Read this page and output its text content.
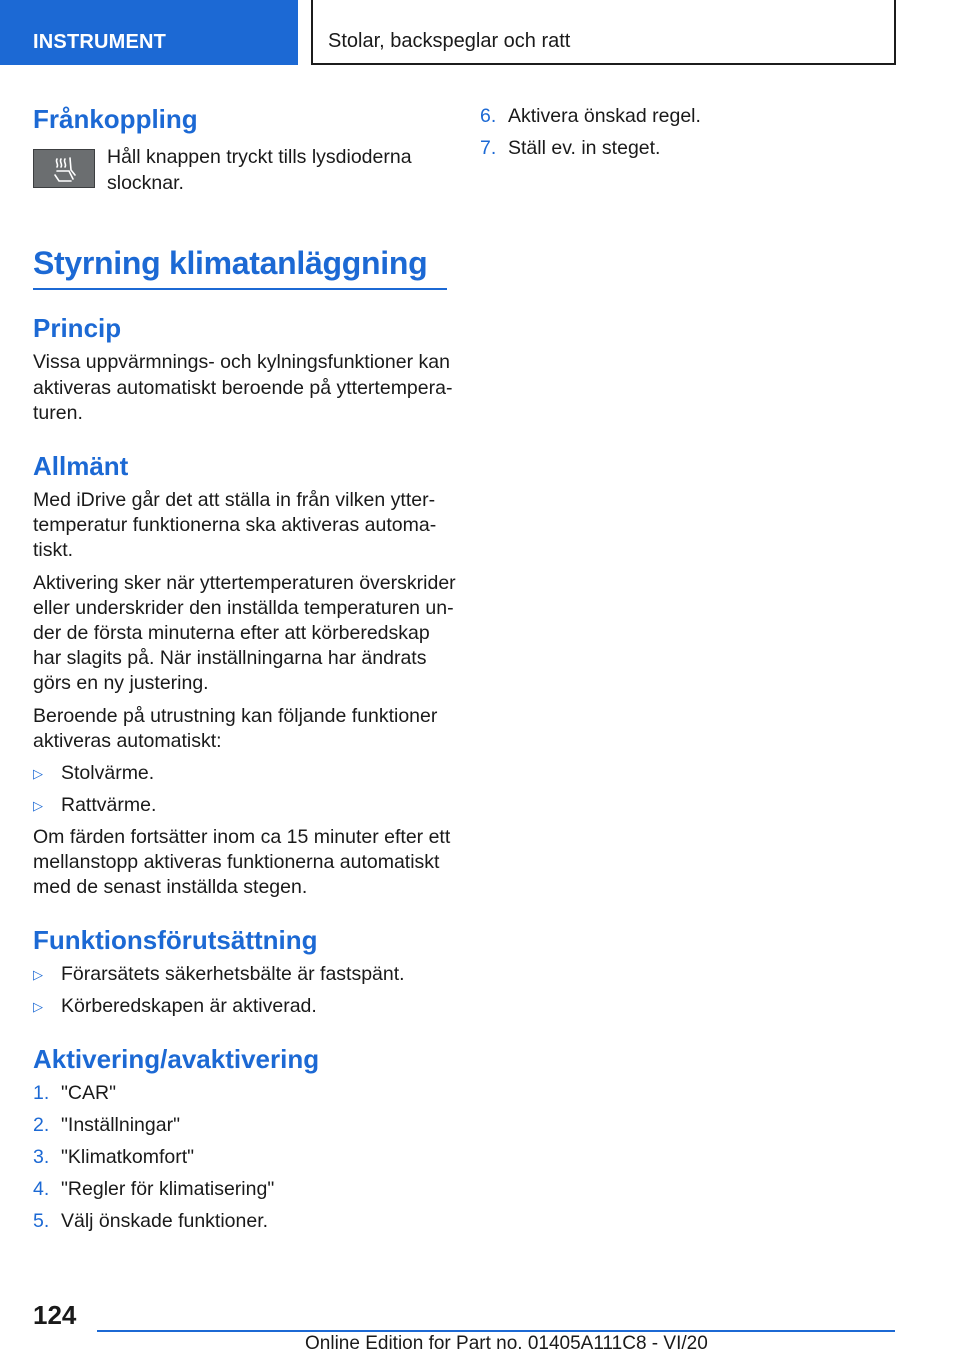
INSTRUMENT	Stolar, backspeglar och ratt
Frånkoppling

Håll knappen tryckt tills lysdioderna

slocknar.

Styrning klimatanläggning
Princip

Vissa uppvärmnings- och kylningsfunktioner kan

aktiveras automatiskt beroende på yttertempera-

turen.

Allmänt

Med iDrive går det att ställa in från vilken ytter-

temperatur funktionerna ska aktiveras automa-

tiskt.

Aktivering sker när yttertemperaturen överskrider

eller underskrider den inställda temperaturen un-

der de första minuterna efter att körberedskap

har slagits på. När inställningarna har ändrats

görs en ny justering.

Beroende på utrustning kan följande funktioner

aktiveras automatiskt:

▷ Stolvärme.
▷ Rattvärme.

Om färden fortsätter inom ca 15 minuter efter ett

mellanstopp aktiveras funktionerna automatiskt

med de senast inställda stegen.

Funktionsförutsättning
▷ Förarsätets säkerhetsbälte är fastspänt.
▷ Körberedskapen är aktiverad.
Aktivering/avaktivering
1. "CAR"
2. "Inställningar"
3. "Klimatkomfort"
4. "Regler för klimatisering"
5. Välj önskade funktioner.
6. Aktivera önskad regel.
7. Ställ ev. in steget.
124
Online Edition for Part no. 01405A111C8 - VI/20
